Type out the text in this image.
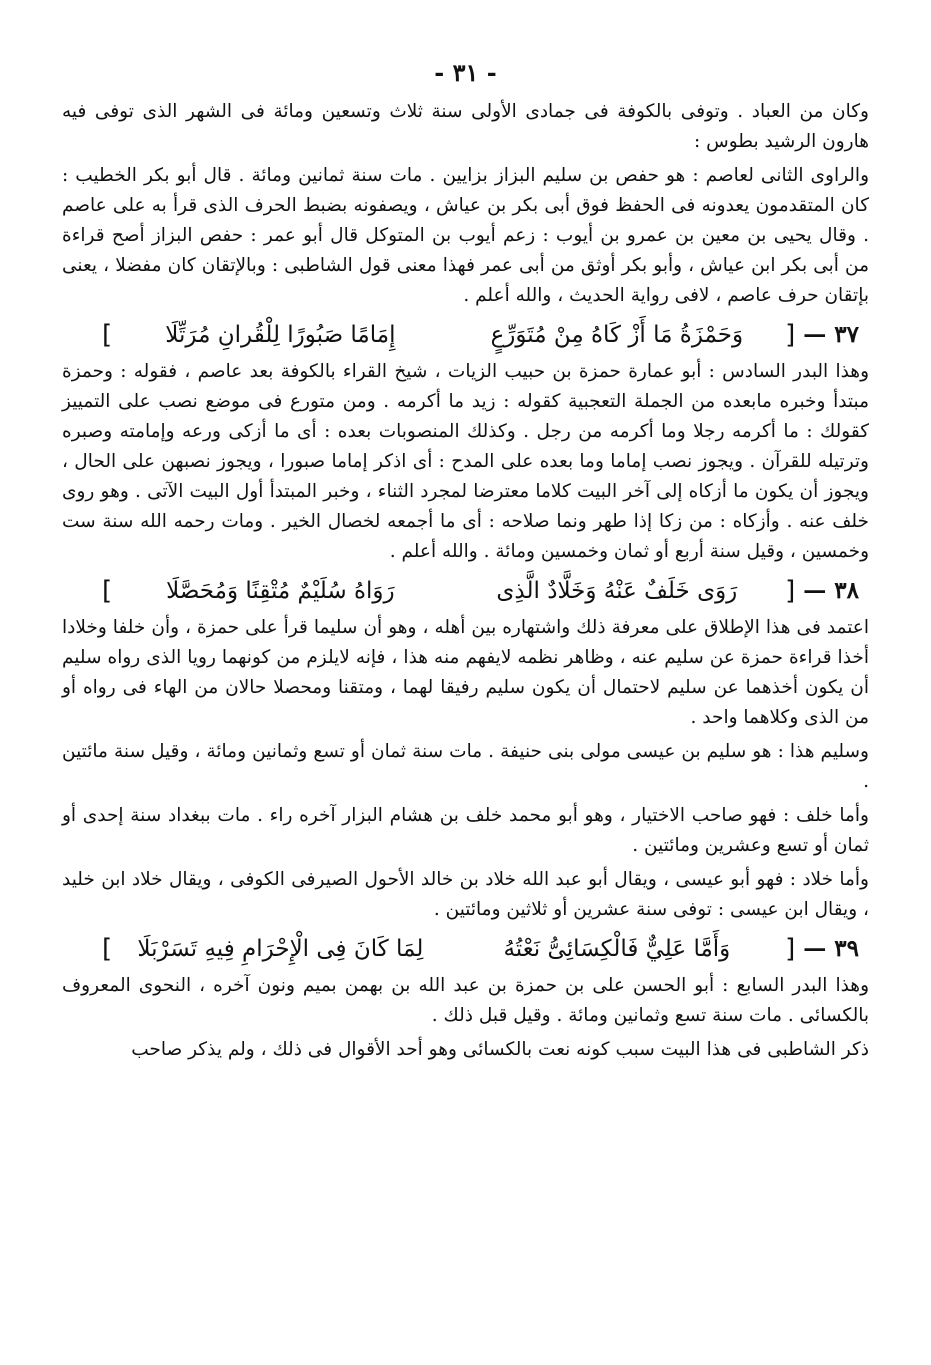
- ٣١ -

وكان من العباد . وتوفى بالكوفة فى جمادى الأولى سنة ثلاث وتسعين ومائة فى الشهر الذى توفى فيه هارون الرشيد بطوس :

والراوى الثانى لعاصم : هو حفص بن سليم البزاز بزايين . مات سنة ثمانين ومائة . قال أبو بكر الخطيب : كان المتقدمون يعدونه فى الحفظ فوق أبى بكر بن عياش ، ويصفونه بضبط الحرف الذى قرأ به على عاصم . وقال يحيى بن معين بن عمرو بن أيوب : زعم أيوب بن المتوكل قال أبو عمر : حفص البزاز أصح قراءة من أبى بكر ابن عياش ، وأبو بكر أوثق من أبى عمر فهذا معنى قول الشاطبى : وبالإتقان كان مفضلا ، يعنى بإتقان حرف عاصم ، لافى رواية الحديث ، والله أعلم .

٣٧ —
[
وَحَمْزَةُ مَا أَزْ كَاهُ مِنْ مُتَوَرِّعٍ
إِمَامًا صَبُورًا لِلْقُرانِ مُرَتِّلَا
]

وهذا البدر السادس : أبو عمارة حمزة بن حبيب الزيات ، شيخ القراء بالكوفة بعد عاصم ، فقوله : وحمزة مبتدأ وخبره مابعده من الجملة التعجبية كقوله : زيد ما أكرمه . ومن متورع فى موضع نصب على التمييز كقولك : ما أكرمه رجلا وما أكرمه من رجل . وكذلك المنصوبات بعده : أى ما أزكى ورعه وإمامته وصبره وترتيله للقرآن . ويجوز نصب إماما وما بعده على المدح : أى اذكر إماما صبورا ، ويجوز نصبهن على الحال ، ويجوز أن يكون ما أزكاه إلى آخر البيت كلاما معترضا لمجرد الثناء ، وخبر المبتدأ أول البيت الآتى . وهو روى خلف عنه . وأزكاه : من زكا إذا طهر ونما صلاحه : أى ما أجمعه لخصال الخير . ومات رحمه الله سنة ست وخمسين ، وقيل سنة أربع أو ثمان وخمسين ومائة . والله أعلم .

٣٨ —
[
رَوَى خَلَفٌ عَنْهُ وَخَلَّادٌ الَّذِى
رَوَاهُ سُلَيْمٌ مُتْقِنًا وَمُحَصَّلَا
]

اعتمد فى هذا الإطلاق على معرفة ذلك واشتهاره بين أهله ، وهو أن سليما قرأ على حمزة ، وأن خلفا وخلادا أخذا قراءة حمزة عن سليم عنه ، وظاهر نظمه لايفهم منه هذا ، فإنه لايلزم من كونهما رويا الذى رواه سليم أن يكون أخذهما عن سليم لاحتمال أن يكون سليم رفيقا لهما ، ومتقنا ومحصلا حالان من الهاء فى رواه أو من الذى وكلاهما واحد .

وسليم هذا : هو سليم بن عيسى مولى بنى حنيفة . مات سنة ثمان أو تسع وثمانين ومائة ، وقيل سنة مائتين .

وأما خلف : فهو صاحب الاختيار ، وهو أبو محمد خلف بن هشام البزار آخره راء . مات ببغداد سنة إحدى أو ثمان أو تسع وعشرين ومائتين .

وأما خلاد : فهو أبو عيسى ، ويقال أبو عبد الله خلاد بن خالد الأحول الصيرفى الكوفى ، ويقال خلاد ابن خليد ، ويقال ابن عيسى : توفى سنة عشرين أو ثلاثين ومائتين .

٣٩ —
[
وَأَمَّا عَلِيٌّ فَالْكِسَائِىُّ نَعْتُهُ
لِمَا كَانَ فِى الْإِحْرَامِ فِيهِ تَسَرْبَلَا
]

وهذا البدر السابع : أبو الحسن على بن حمزة بن عبد الله بن بهمن بميم ونون آخره ، النحوى المعروف بالكسائى . مات سنة تسع وثمانين ومائة . وقيل قبل ذلك .

ذكر الشاطبى فى هذا البيت سبب كونه نعت بالكسائى وهو أحد الأقوال فى ذلك ، ولم يذكر صاحب
